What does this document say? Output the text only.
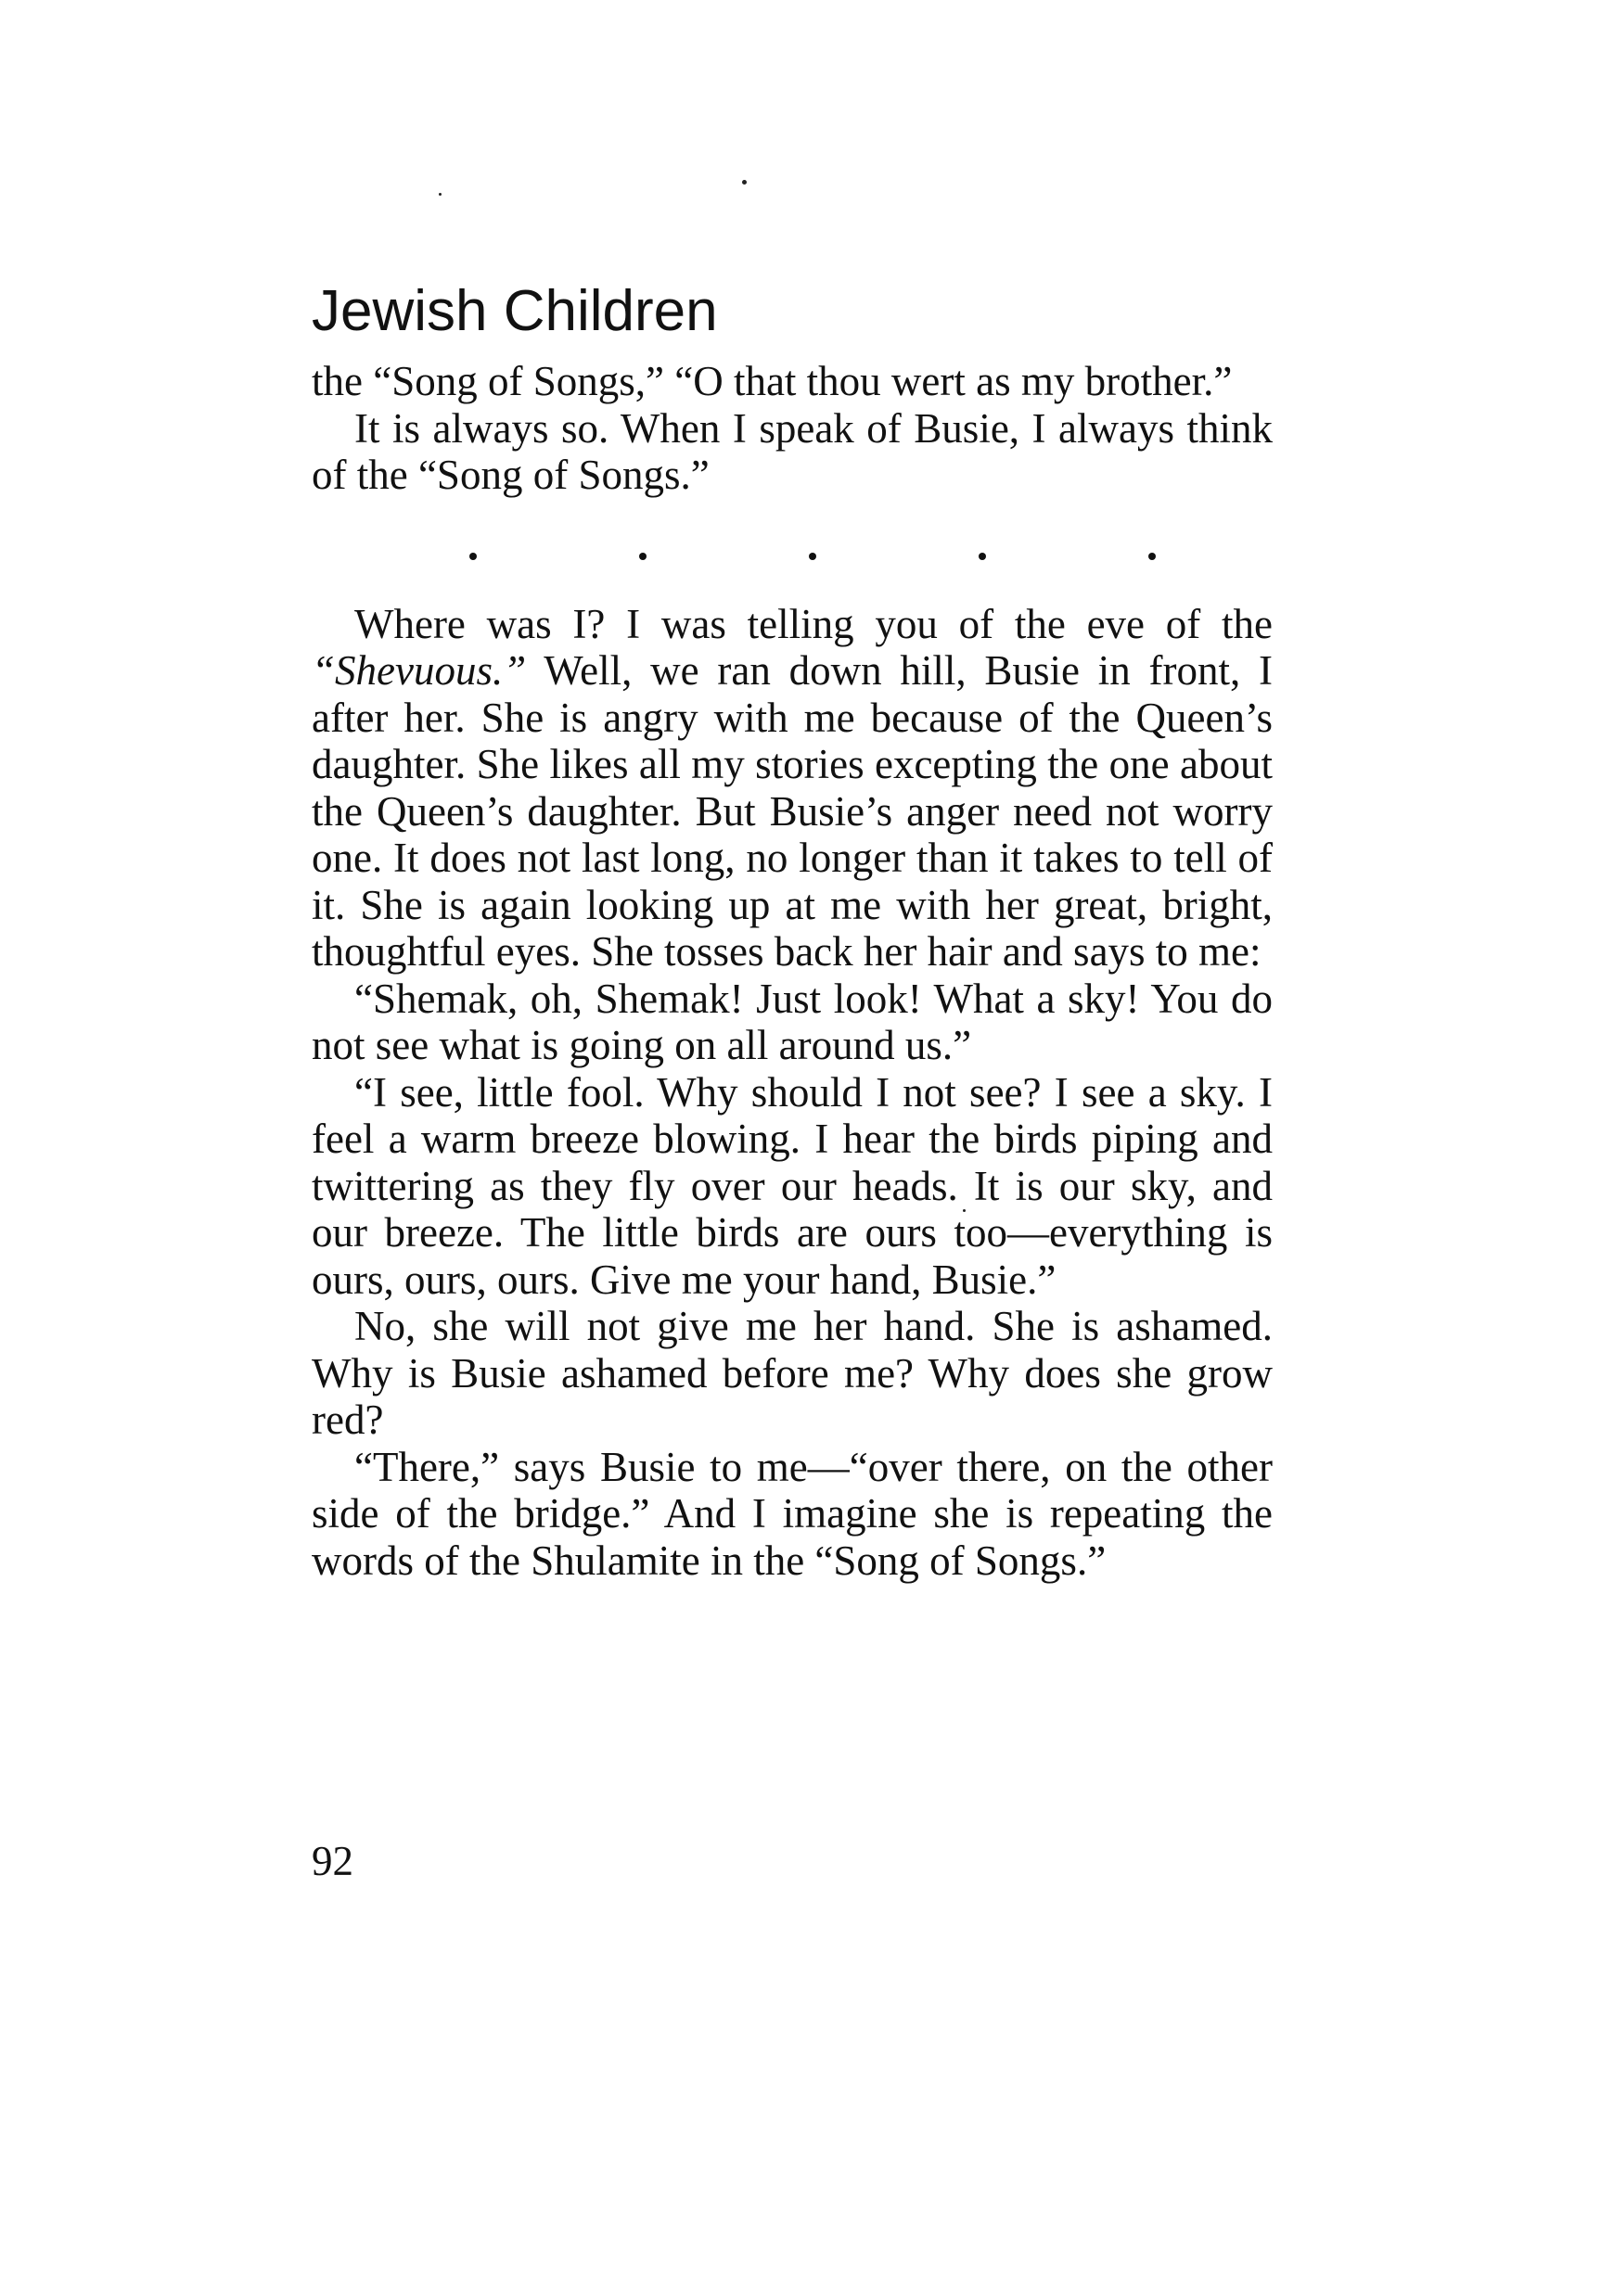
Jewish Children

the “Song of Songs,” “O that thou wert as my brother.”

It is always so. When I speak of Busie, I always think of the “Song of Songs.”

Where was I? I was telling you of the eve of the “Shevuous.” Well, we ran down hill, Busie in front, I after her. She is angry with me because of the Queen’s daughter. She likes all my stories excepting the one about the Queen’s daughter. But Busie’s anger need not worry one. It does not last long, no longer than it takes to tell of it. She is again looking up at me with her great, bright, thoughtful eyes. She tosses back her hair and says to me:

“Shemak, oh, Shemak! Just look! What a sky! You do not see what is going on all around us.”

“I see, little fool. Why should I not see? I see a sky. I feel a warm breeze blowing. I hear the birds piping and twittering as they fly over our heads. It is our sky, and our breeze. The little birds are ours too—everything is ours, ours, ours. Give me your hand, Busie.”

No, she will not give me her hand. She is ashamed. Why is Busie ashamed before me? Why does she grow red?

“There,” says Busie to me—“over there, on the other side of the bridge.” And I imagine she is repeating the words of the Shulamite in the “Song of Songs.”

92
